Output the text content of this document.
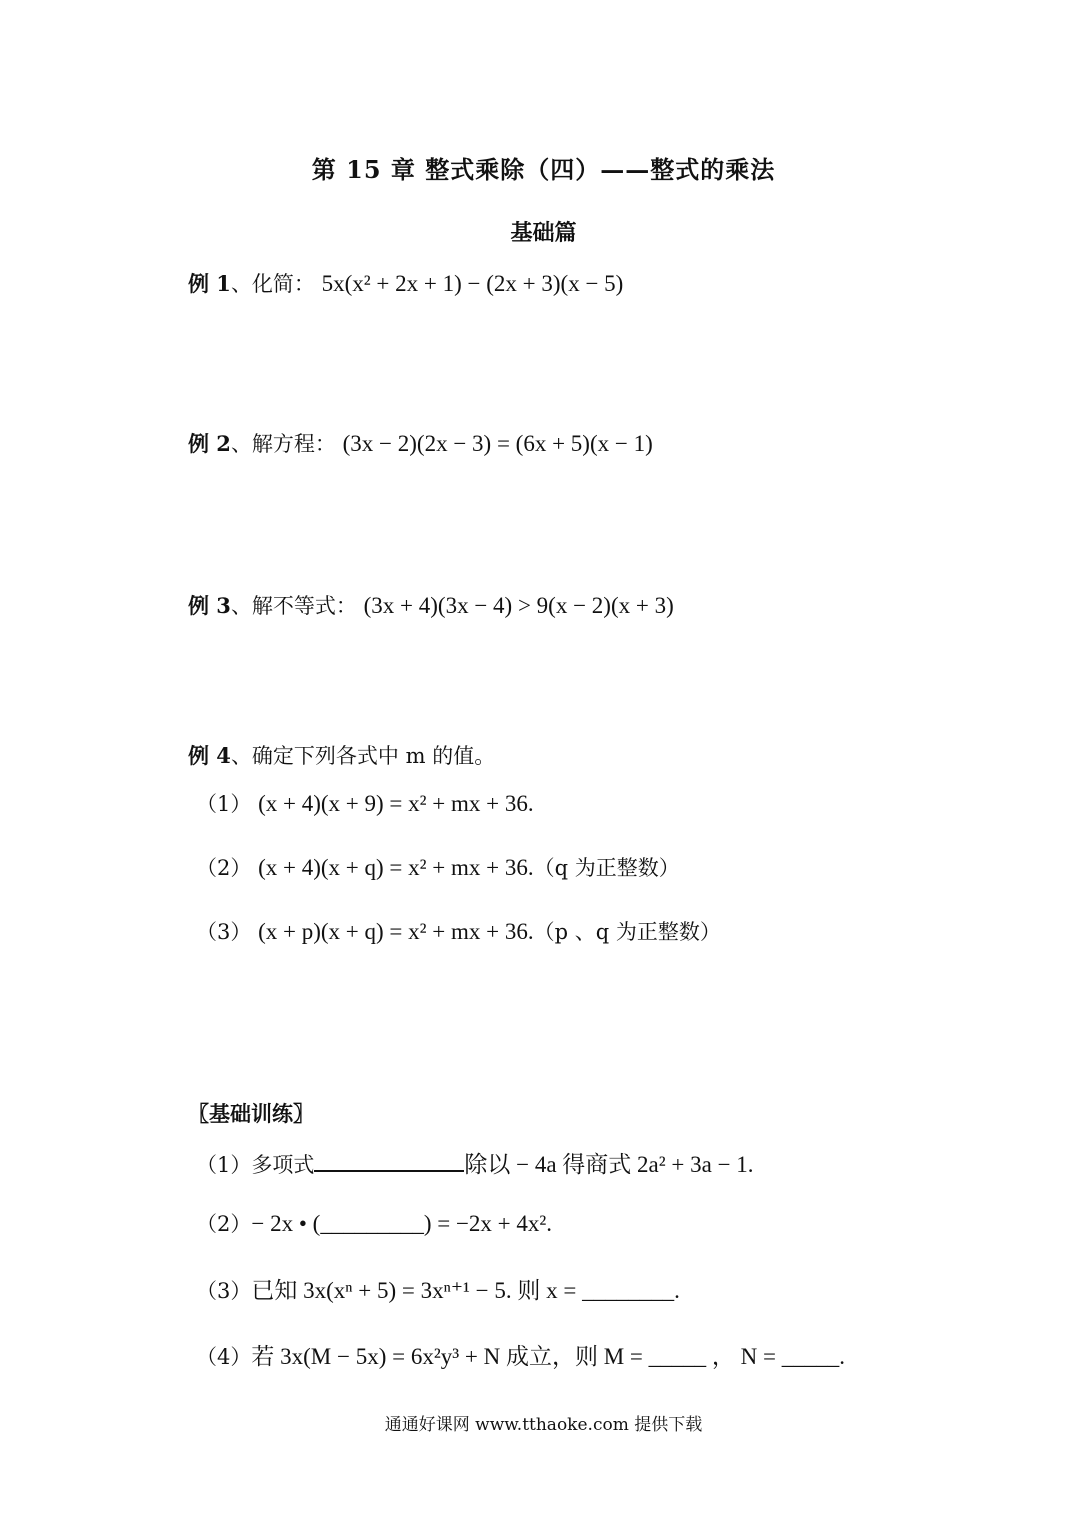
第 15 章 整式乘除（四）——整式的乘法
基础篇
例 1、化简： 5x(x² + 2x + 1) − (2x + 3)(x − 5)
例 2、解方程： (3x − 2)(2x − 3) = (6x + 5)(x − 1)
例 3、解不等式： (3x + 4)(3x − 4) > 9(x − 2)(x + 3)
例 4、确定下列各式中 m 的值。
（1） (x + 4)(x + 9) = x² + mx + 36.
（2） (x + 4)(x + q) = x² + mx + 36.（q 为正整数）
（3） (x + p)(x + q) = x² + mx + 36.（p 、q 为正整数）
〖基础训练〗
（1）多项式	除以 − 4a 得商式 2a² + 3a − 1.
（2）− 2x • (_________) = −2x + 4x².
（3）已知 3x(xⁿ + 5) = 3xⁿ⁺¹ − 5. 则 x = ________.
（4）若 3x(M − 5x) = 6x²y³ + N 成立，则 M = _____ ， N = _____.
通通好课网 www.tthaoke.com 提供下载
